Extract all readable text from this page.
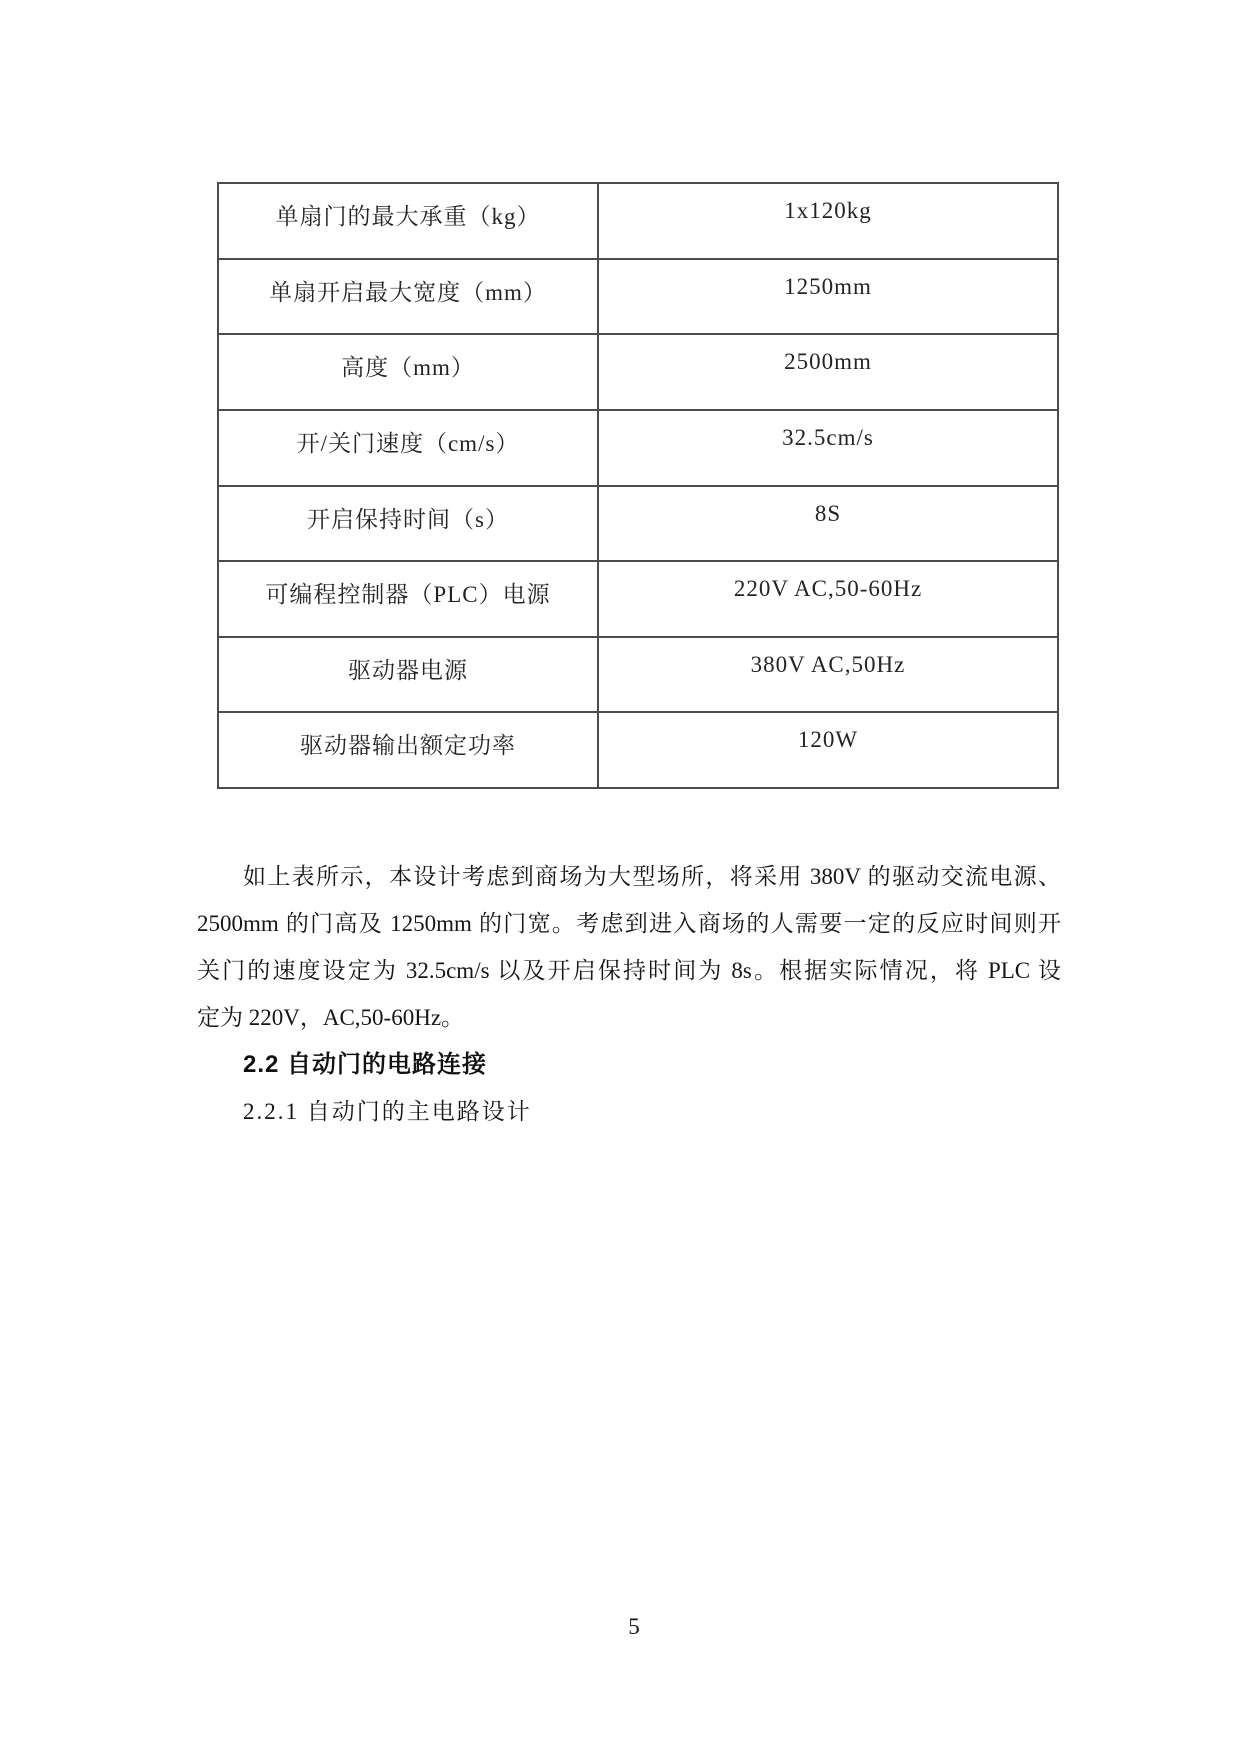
单扇门的最大承重（kg）	1x120kg
单扇开启最大宽度（mm）	1250mm
高度（mm）	2500mm
开/关门速度（cm/s）	32.5cm/s
开启保持时间（s）	8S
可编程控制器（PLC）电源	220V AC,50-60Hz
驱动器电源	380V AC,50Hz
驱动器输出额定功率	120W
如上表所示，本设计考虑到商场为大型场所，将采用 380V 的驱动交流电源、
2500mm 的门高及 1250mm 的门宽。考虑到进入商场的人需要一定的反应时间则开
关门的速度设定为 32.5cm/s 以及开启保持时间为 8s。根据实际情况，将 PLC 设
定为 220V，AC,50-60Hz。
2.2 自动门的电路连接
2.2.1 自动门的主电路设计
5
